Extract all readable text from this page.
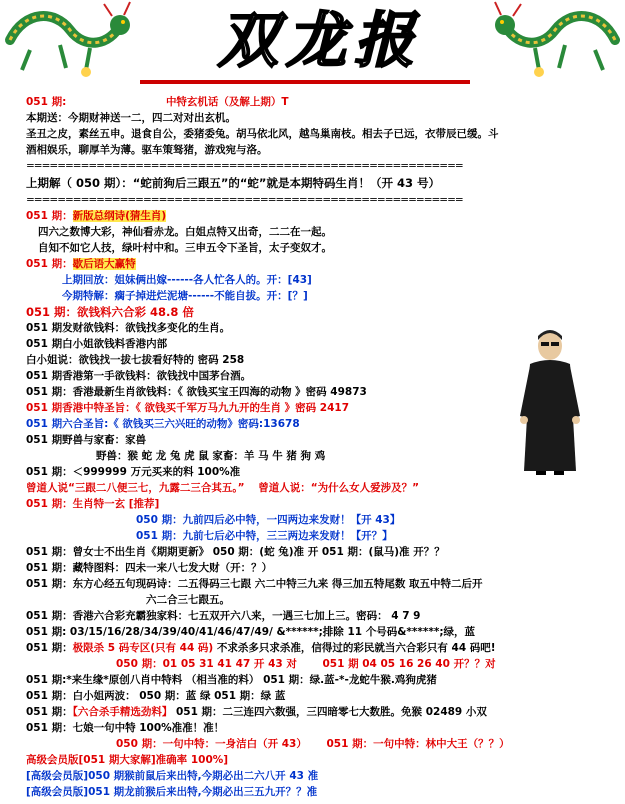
双龙报
051 期:	中特玄机话（及解上期）T
本期送：今期财神送一二，四二对对出玄机。
圣丑之皮，素丝五申。退食自公，委猪委兔。胡马依北风，越鸟巢南枝。相去子已远，衣带辰已缓。斗
酒相娱乐，聊厚羊为薄。驱车策驽猪，游戏宛与洛。
========================================================
上期解（ 050 期）：“蛇前狗后三跟五”的“蛇”就是本期特码生肖！（开 43 号）
========================================================
051 期：新版总纲诗(猜生肖)
四六之数博大彩，神仙看赤龙。白姐点特又出奇，二二在一起。
自知不如它人技，绿叶村中和。三申五令下圣旨，太子变奴才。
051 期：歇后语大赢特
上期回放：姐妹俩出嫁------各人忙各人的。开：[43]
今期特解：瘸子掉进烂泥塘------不能自拔。开：[？]
051 期：欲钱料六合彩 48.8 倍
051 期发财欲钱料：欲钱找多变化的生肖。
051 期白小姐欲钱料香港内部
白小姐说：欲钱找一拔七拔看好特的 密码 258
051 期香港第一手欲钱料：欲钱找中国茅台酒。
051 期：香港最新生肖欲钱料：《 欲钱买宝王四海的动物 》密码 49873
051 期香港中特圣旨：《 欲钱买千军万马九九开的生肖 》密码 2417
051 期六合圣旨:《 欲钱买三六兴旺的动物》密码:13678
051 期野兽与家畜：家兽
野兽：猴 蛇 龙 兔 虎 鼠 家畜：羊 马 牛 猪 狗 鸡
051 期：＜999999 万元买来的料 100%准
曾道人说“三跟二八便三七，九露二三合其五。” 曾道人说：“为什么女人爱涉及？”
051 期：生肖特一玄 [推荐]
050 期：九前四后必中特，一四两边来发财！【开 43】
051 期：九前七后必中特，三三两边来发财！【开？】
051 期：曾女士不出生肖《期期更新》 050 期：(蛇 兔)准 开 051 期：(鼠马)准 开？？
051 期：藏特图料：四未一来八七发大财（开：？）
051 期：东方心经五句现码诗：二五得码三七跟 六二中特三九来 得三加五特尾数 取五中特二后开
六二合三七跟五。
051 期：香港六合彩充霸独家料：七五双开六八来，一遇三七加上三。密码： 4 7 9
051 期: 03/15/16/28/34/39/40/41/46/47/49/ &******;排除 11 个号码&******;绿，蓝
051 期：极限杀 5 码专区(只有 44 码) 不求杀多只求杀准，信得过的彩民就当六合彩只有 44 码吧!
050 期：01 05 31 41 47 开 43 对 051 期 04 05 16 26 40 开？？对
051 期:*来生缘*原创八肖中特料 （相当准的料） 051 期：绿.蓝-*-龙蛇牛猴.鸡狗虎猪
051 期：白小姐两波： 050 期：蓝 绿 051 期：绿 蓝
051 期：【六合杀手精选劲料】 051 期：二三连四六数强，三四暗零七大数胜。免猴 02489 小双
051 期：七娘一句中特 100%准准！准！
050 期：一句中特：一身洁白（开 43） 051 期：一句中特：林中大王（？？）
高级会员版[051 期大家解]准确率 100%]
[高级会员版]050 期猴前鼠后来出特,今期必出二六八开 43 准
[高级会员版]051 期龙前猴后来出特,今期必出三五九开？？准
